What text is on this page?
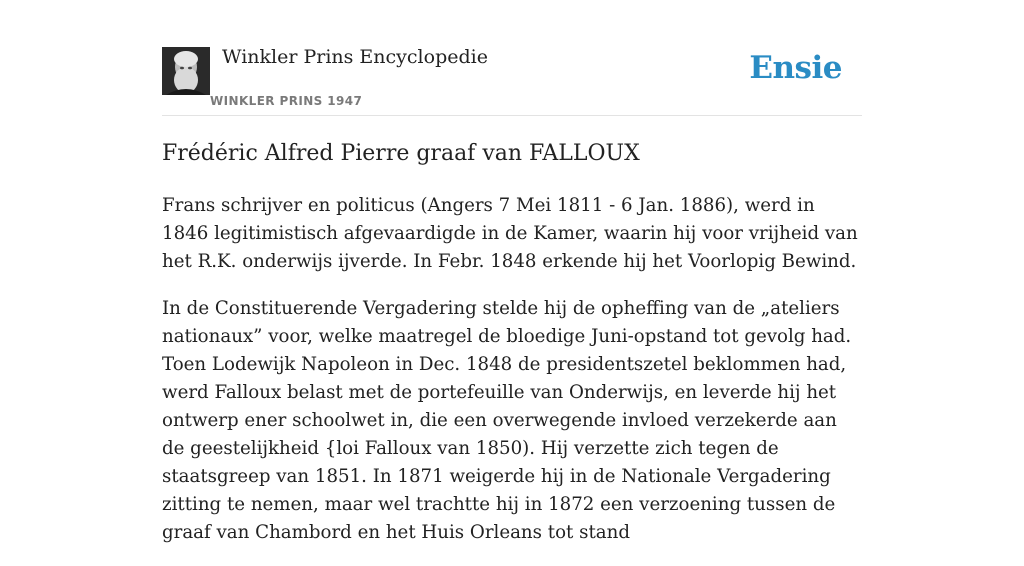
Winkler Prins Encyclopedie
WINKLER PRINS 1947
Ensie
Frédéric Alfred Pierre graaf van FALLOUX

Frans schrijver en politicus (Angers 7 Mei 1811 - 6 Jan. 1886), werd in 1846 legitimistisch afgevaardigde in de Kamer, waarin hij voor vrijheid van het R.K. onderwijs ijverde. In Febr. 1848 erkende hij het Voorlopig Bewind.

In de Constituerende Vergadering stelde hij de opheffing van de „ateliers nationaux” voor, welke maatregel de bloedige Juni-opstand tot gevolg had. Toen Lodewijk Napoleon in Dec. 1848 de presidentszetel beklommen had, werd Falloux belast met de portefeuille van Onderwijs, en leverde hij het ontwerp ener schoolwet in, die een overwegende invloed verzekerde aan de geestelijkheid {loi Falloux van 1850). Hij verzette zich tegen de staatsgreep van 1851. In 1871 weigerde hij in de Nationale Vergadering zitting te nemen, maar wel trachtte hij in 1872 een verzoening tussen de graaf van Chambord en het Huis Orleans tot stand
